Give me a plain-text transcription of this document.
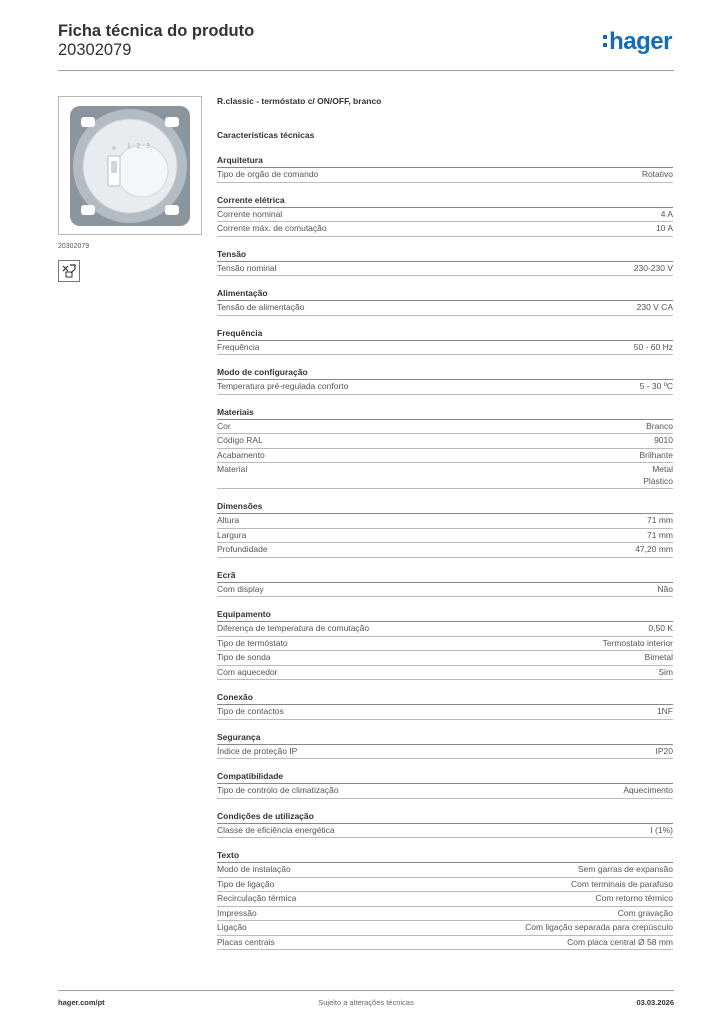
Ficha técnica do produto
20302079	hager
1 · 2 · 3
20302079
R.classic - termóstato c/ ON/OFF, branco
Características técnicas
Arquitetura
Tipo de orgão de comando	Rotativo
Corrente elétrica
Corrente nominal	4 A
Corrente máx. de comutação	10 A
Tensão
Tensão nominal	230-230 V
Alimentação
Tensão de alimentação	230 V CA
Frequência
Frequência	50 - 60 Hz
Modo de configuração
Temperatura pré-regulada conforto	5 - 30 ºC
Materiais
Cor	Branco
Código RAL	9010
Acabamento	Brilhante
Material	Metal
Plástico
Dimensões
Altura	71 mm
Largura	71 mm
Profundidade	47,20 mm
Ecrã
Com display	Não
Equipamento
Diferença de temperatura de comutação	0,50 K
Tipo de termóstato	Termostato interior
Tipo de sonda	Bimetal
Com aquecedor	Sim
Conexão
Tipo de contactos	1NF
Segurança
Índice de proteção IP	IP20
Compatibilidade
Tipo de controlo de climatização	Aquecimento
Condições de utilização
Classe de eficiência energética	I (1%)
Texto
Modo de instalação	Sem garras de expansão
Tipo de ligação	Com terminais de parafuso
Recirculação térmica	Com retorno térmico
Impressão	Com gravação
Ligação	Com ligação separada para crepúsculo
Placas centrais	Com placa central Ø 58 mm
hager.com/pt	Sujeito a alterações técnicas	03.03.2026
